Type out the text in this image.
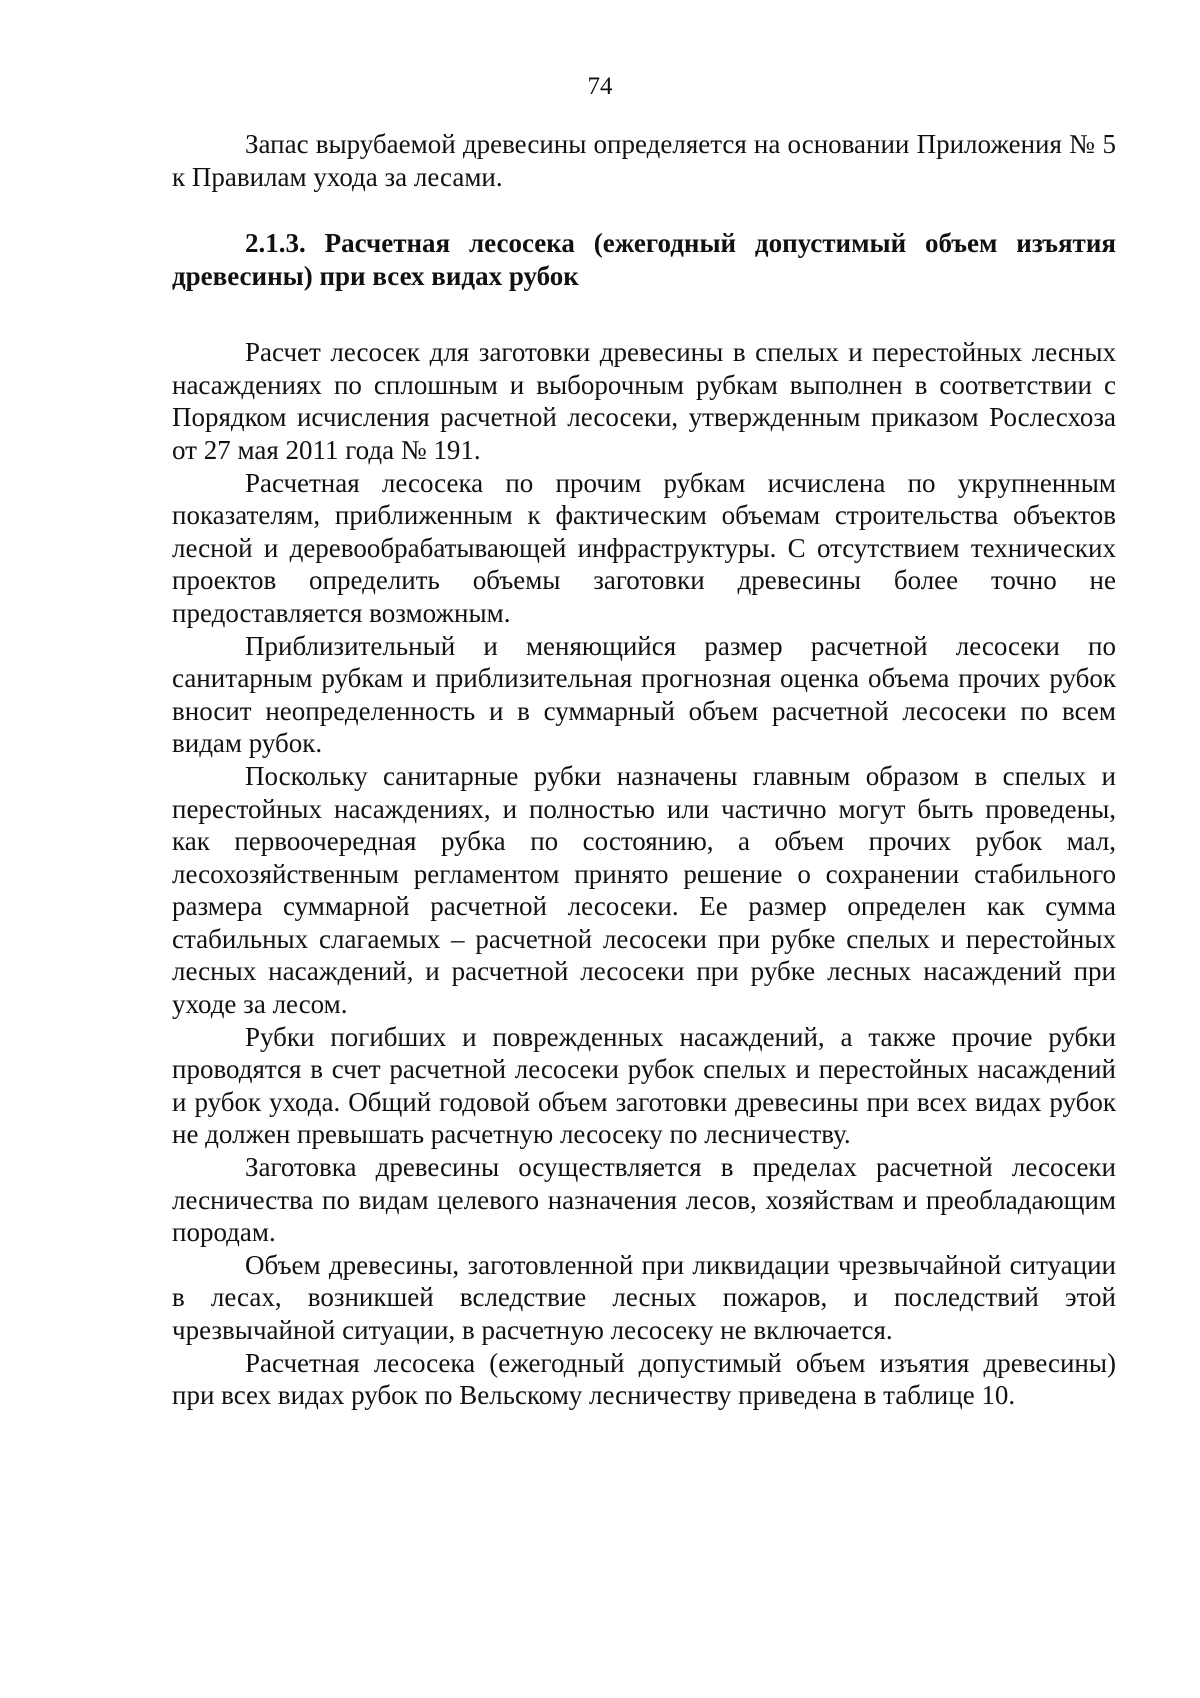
74

Запас вырубаемой древесины определяется на основании Приложения № 5 к Правилам ухода за лесами.

2.1.3. Расчетная лесосека (ежегодный допустимый объем изъятия древесины) при всех видах рубок

Расчет лесосек для заготовки древесины в спелых и перестойных лесных насаждениях по сплошным и выборочным рубкам выполнен в соответствии с Порядком исчисления расчетной лесосеки, утвержденным приказом Рослесхоза от 27 мая 2011 года № 191.

Расчетная лесосека по прочим рубкам исчислена по укрупненным показателям, приближенным к фактическим объемам строительства объектов лесной и деревообрабатывающей инфраструктуры. С отсутствием технических проектов определить объемы заготовки древесины более точно не предоставляется возможным.

Приблизительный и меняющийся размер расчетной лесосеки по санитарным рубкам и приблизительная прогнозная оценка объема прочих рубок вносит неопределенность и в суммарный объем расчетной лесосеки по всем видам рубок.

Поскольку санитарные рубки назначены главным образом в спелых и перестойных насаждениях, и полностью или частично могут быть проведены, как первоочередная рубка по состоянию, а объем прочих рубок мал, лесохозяйственным регламентом принято решение о сохранении стабильного размера суммарной расчетной лесосеки. Ее размер определен как сумма стабильных слагаемых – расчетной лесосеки при рубке спелых и перестойных лесных насаждений, и расчетной лесосеки при рубке лесных насаждений при уходе за лесом.

Рубки погибших и поврежденных насаждений, а также прочие рубки проводятся в счет расчетной лесосеки рубок спелых и перестойных насаждений и рубок ухода. Общий годовой объем заготовки древесины при всех видах рубок не должен превышать расчетную лесосеку по лесничеству.

Заготовка древесины осуществляется в пределах расчетной лесосеки лесничества по видам целевого назначения лесов, хозяйствам и преобладающим породам.

Объем древесины, заготовленной при ликвидации чрезвычайной ситуации в лесах, возникшей вследствие лесных пожаров, и последствий этой чрезвычайной ситуации, в расчетную лесосеку не включается.

Расчетная лесосека (ежегодный допустимый объем изъятия древесины) при всех видах рубок по Вельскому лесничеству приведена в таблице 10.
